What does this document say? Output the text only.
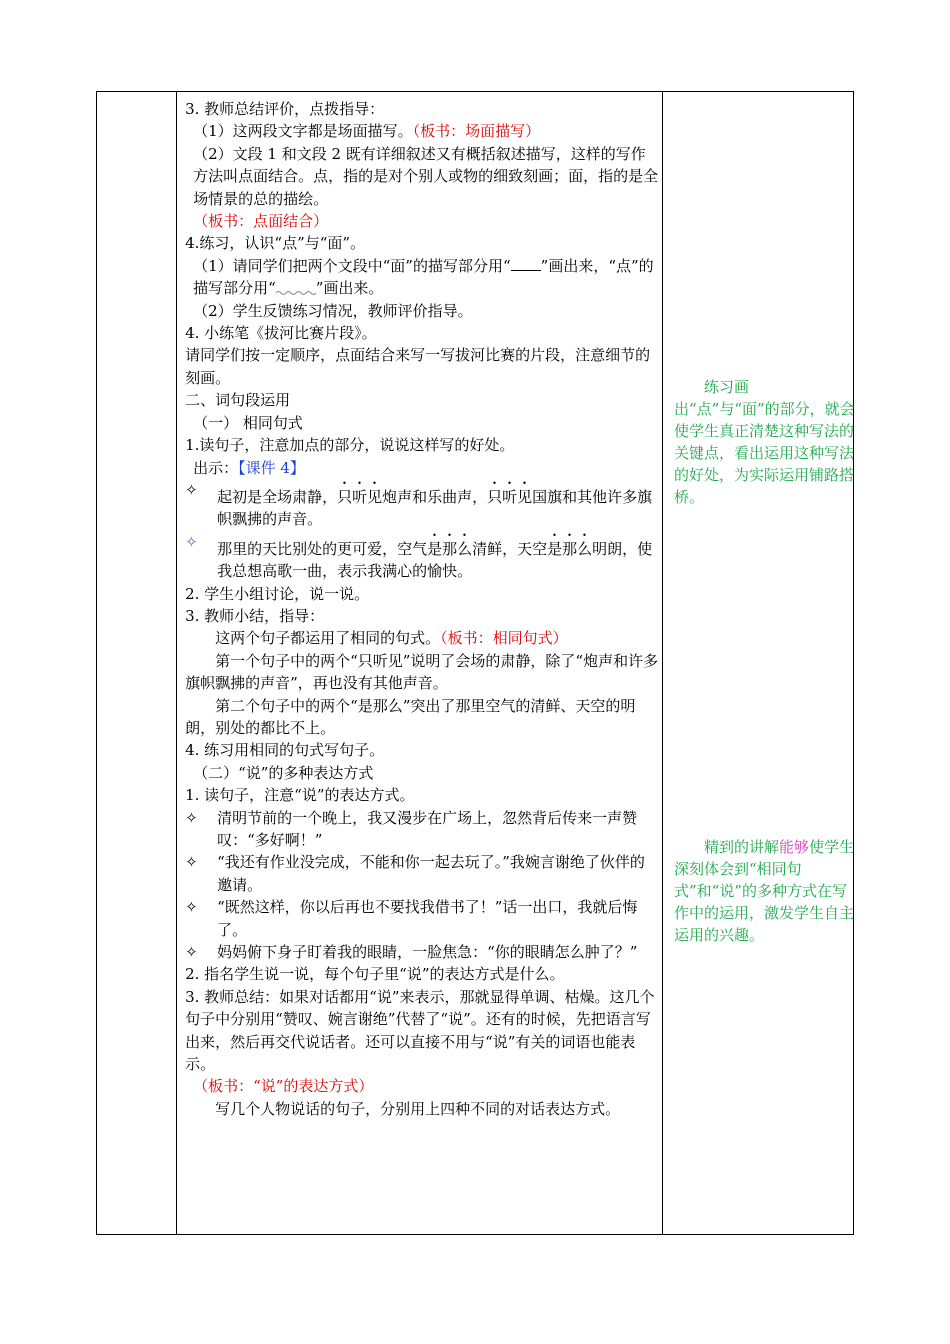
3. 教师总结评价，点拨指导：

（1）这两段文字都是场面描写。（板书：场面描写）

（2）文段 1 和文段 2 既有详细叙述又有概括叙述描写，这样的写作方法叫点面结合。点，指的是对个别人或物的细致刻画；面，指的是全场情景的总的描绘。

（板书：点面结合）

4.练习，认识“点”与“面”。

（1）请同学们把两个文段中“面”的描写部分用“ ”画出来，“点”的描写部分用“	”画出来。

（2）学生反馈练习情况，教师评价指导。

4. 小练笔《拔河比赛片段》。

请同学们按一定顺序，点面结合来写一写拔河比赛的片段，注意细节的刻画。

二、词句段运用

（一） 相同句式

1.读句子，注意加点的部分，说说这样写的好处。

出示：【课件 4】

✧	起初是全场肃静，只听见炮声和乐曲声，只听见国旗和其他许多旗帜飘拂的声音。
✧	那里的天比别处的更可爱，空气是那么清鲜，天空是那么明朗，使我总想高歌一曲，表示我满心的愉快。

2. 学生小组讨论，说一说。

3. 教师小结，指导：

这两个句子都运用了相同的句式。（板书：相同句式）

第一个句子中的两个“只听见”说明了会场的肃静，除了“炮声和许多旗帜飘拂的声音”，再也没有其他声音。

第二个句子中的两个“是那么”突出了那里空气的清鲜、天空的明朗，别处的都比不上。

4. 练习用相同的句式写句子。

（二）“说”的多种表达方式

1. 读句子，注意“说”的表达方式。

✧	清明节前的一个晚上，我又漫步在广场上，忽然背后传来一声赞叹：“多好啊！”
✧	“我还有作业没完成，不能和你一起去玩了。”我婉言谢绝了伙伴的邀请。
✧	“既然这样，你以后再也不要找我借书了！”话一出口，我就后悔了。
✧	妈妈俯下身子盯着我的眼睛，一脸焦急：“你的眼睛怎么肿了？”

2. 指名学生说一说，每个句子里“说”的表达方式是什么。

3. 教师总结：如果对话都用“说”来表示，那就显得单调、枯燥。这几个句子中分别用“赞叹、婉言谢绝”代替了“说”。还有的时候，先把语言写出来，然后再交代说话者。还可以直接不用与“说”有关的词语也能表示。

（板书：“说”的表达方式）

写几个人物说话的句子，分别用上四种不同的对话表达方式。

练习画

出“点”与“面”的部分，就会使学生真正清楚这种写法的关键点，看出运用这种写法的好处，为实际运用铺路搭桥。

精到的讲解能够使学生深刻体会到“相同句式”和“说”的多种方式在写作中的运用，激发学生自主运用的兴趣。
